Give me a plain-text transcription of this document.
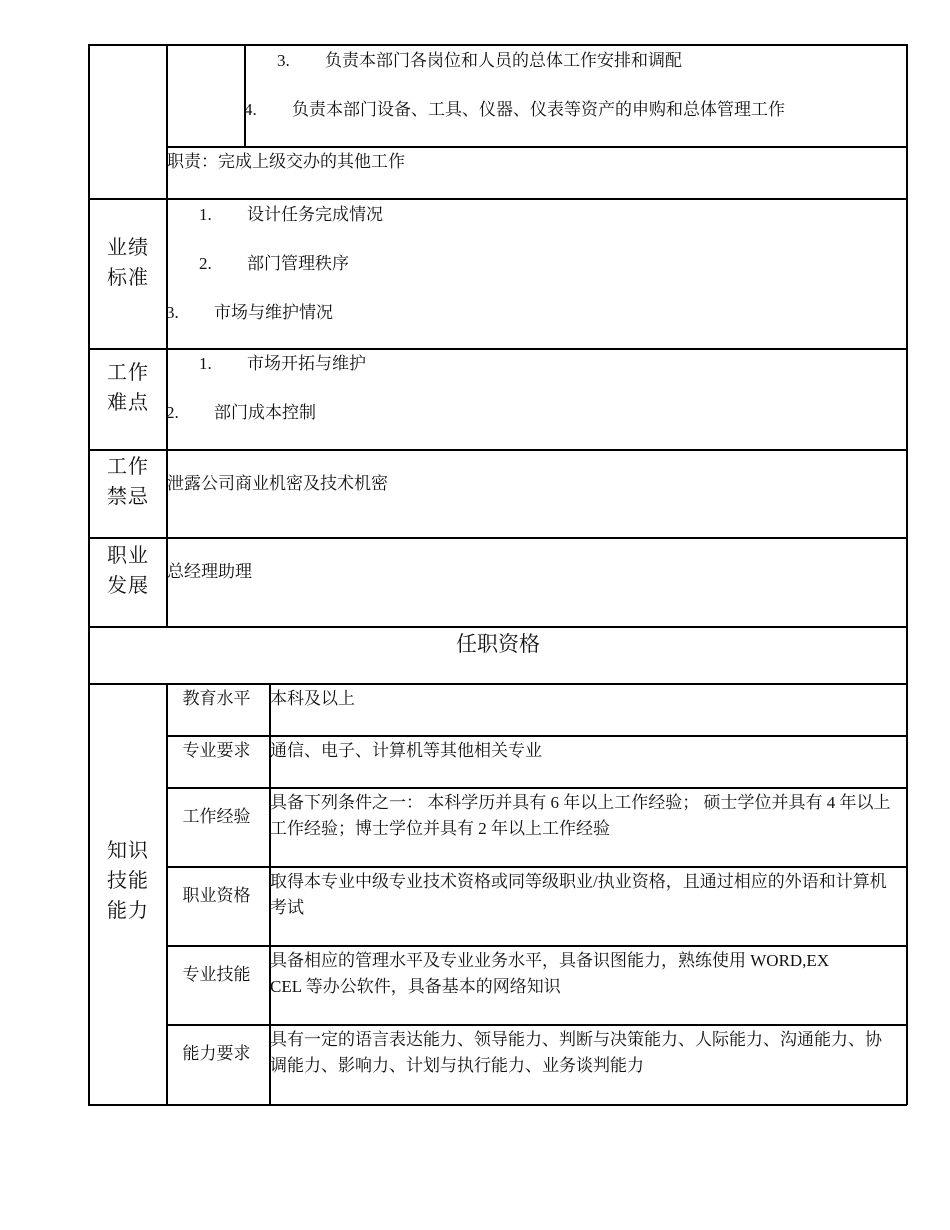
3. 负责本部门各岗位和人员的总体工作安排和调配
4. 负责本部门设备、工具、仪器、仪表等资产的申购和总体管理工作
职责：完成上级交办的其他工作
业绩
标准
1. 设计任务完成情况
2. 部门管理秩序
3. 市场与维护情况
工作
难点
1. 市场开拓与维护
2. 部门成本控制
工作
禁忌
泄露公司商业机密及技术机密
职业
发展
总经理助理
任职资格
知识
技能
能力
教育水平	本科及以上
专业要求	通信、电子、计算机等其他相关专业
工作经验
具备下列条件之一： 本科学历并具有 6 年以上工作经验； 硕士学位并具有 4 年以上工作经验；博士学位并具有 2 年以上工作经验
职业资格
取得本专业中级专业技术资格或同等级职业/执业资格，且通过相应的外语和计算机考试
专业技能
具备相应的管理水平及专业业务水平，具备识图能力，熟练使用 WORD,EXCEL 等办公软件，具备基本的网络知识
能力要求
具有一定的语言表达能力、领导能力、判断与决策能力、人际能力、沟通能力、协调能力、影响力、计划与执行能力、业务谈判能力
